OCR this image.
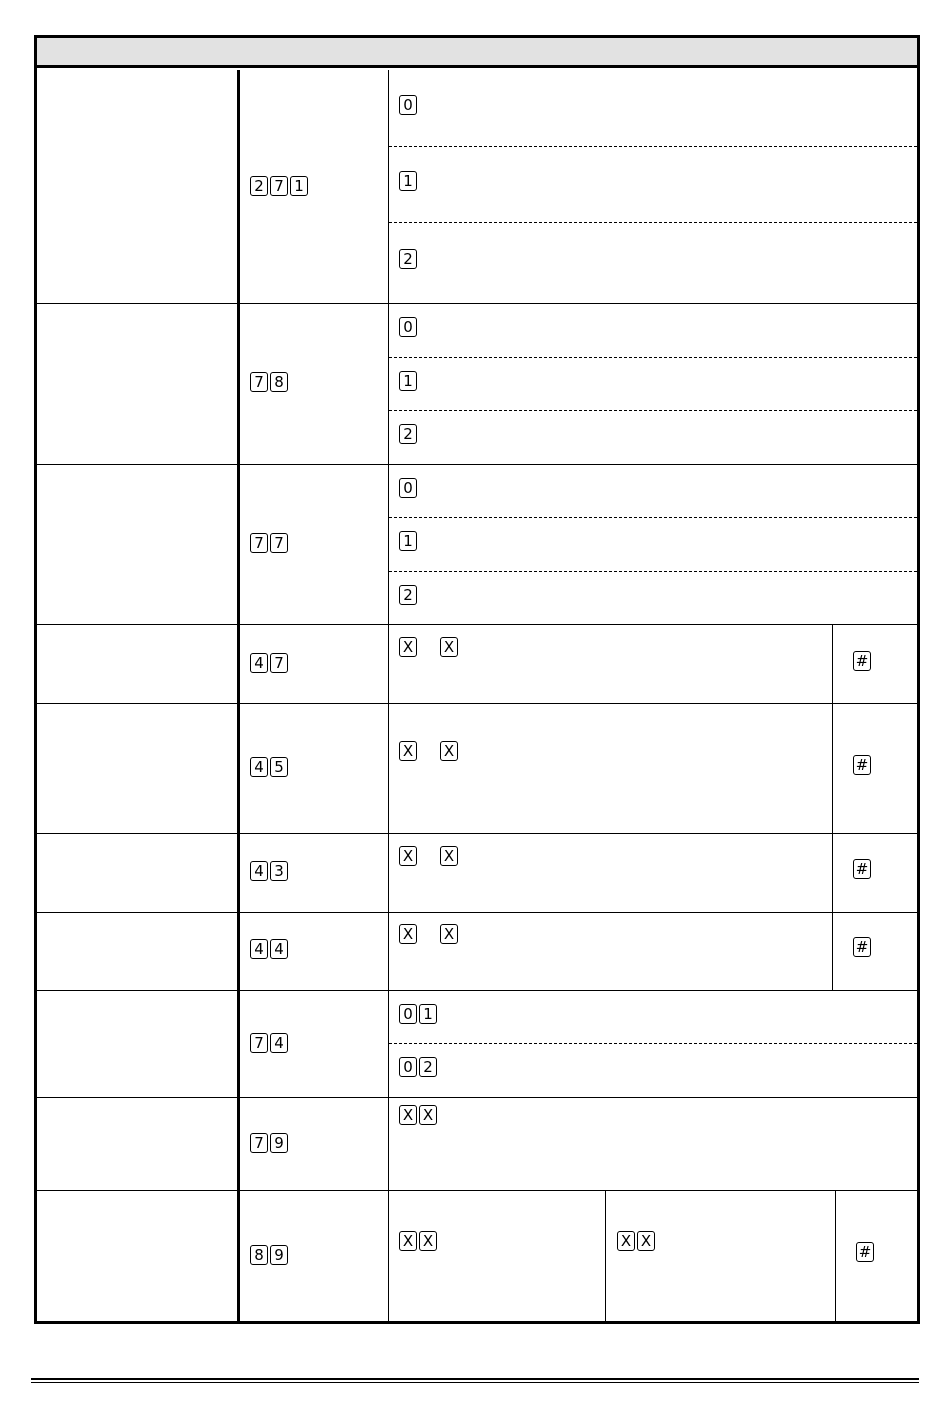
2 7 1
0
1
2
7 8
0
1
2
7 7
0
1
2
4 7
X X
#
4 5
X X
#
4 3
X X
#
4 4
X X
#
7 4
0 1
0 2
7 9
X X
8 9
X X	X X
#
